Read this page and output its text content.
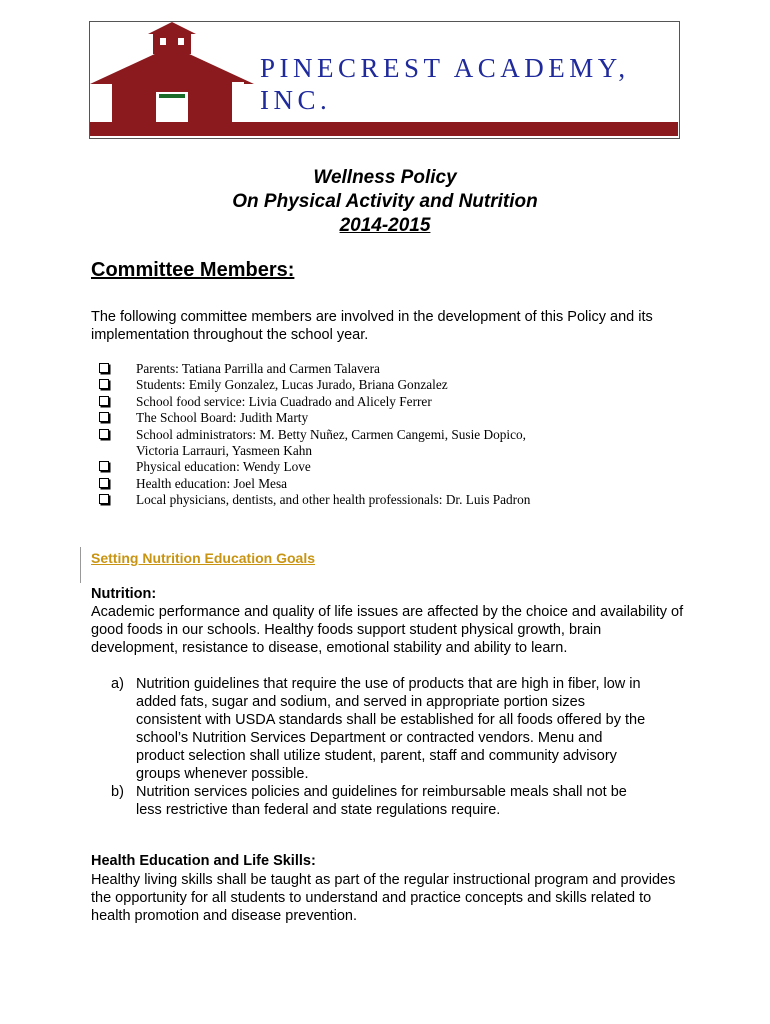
PINECREST ACADEMY, INC.
Wellness Policy
On Physical Activity and Nutrition
2014-2015
Committee Members:
The following committee members are involved in the development of this Policy and its implementation throughout the school year.
Parents: Tatiana Parrilla and Carmen Talavera
Students: Emily Gonzalez, Lucas Jurado, Briana Gonzalez
School food service: Livia Cuadrado and Alicely Ferrer
The School Board: Judith Marty
School administrators: M. Betty Nuñez, Carmen Cangemi, Susie Dopico,
Victoria Larrauri, Yasmeen Kahn
Physical education: Wendy Love
Health education: Joel Mesa
Local physicians, dentists, and other health professionals: Dr. Luis Padron
Setting Nutrition Education Goals
Nutrition:
Academic performance and quality of life issues are affected by the choice and availability of good foods in our schools. Healthy foods support student physical growth, brain development, resistance to disease, emotional stability and ability to learn.
a) Nutrition guidelines that require the use of products that are high in fiber, low in added fats, sugar and sodium, and served in appropriate portion sizes consistent with USDA standards shall be established for all foods offered by the school’s Nutrition Services Department or contracted vendors. Menu and product selection shall utilize student, parent, staff and community advisory groups whenever possible.
b) Nutrition services policies and guidelines for reimbursable meals shall not be less restrictive than federal and state regulations require.
Health Education and Life Skills:
Healthy living skills shall be taught as part of the regular instructional program and provides the opportunity for all students to understand and practice concepts and skills related to health promotion and disease prevention.
